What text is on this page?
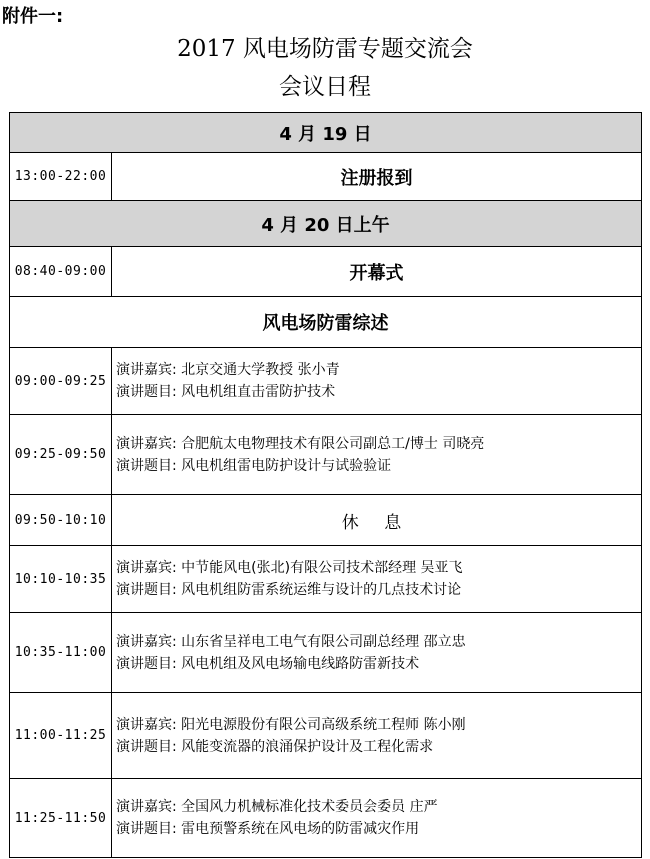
附件一:
2017 风电场防雷专题交流会
会议日程
4 月 19 日	
13:00-22:00	注册报到
4 月 20 日上午	
08:40-09:00	开幕式
风电场防雷综述	
09:00-09:25	演讲嘉宾: 北京交通大学教授 张小青
演讲题目: 风电机组直击雷防护技术

09:25-09:50	演讲嘉宾: 合肥航太电物理技术有限公司副总工/博士 司晓亮
演讲题目: 风电机组雷电防护设计与试验验证

09:50-10:10	休 息
10:10-10:35	演讲嘉宾: 中节能风电(张北)有限公司技术部经理 吴亚飞
演讲题目: 风电机组防雷系统运维与设计的几点技术讨论

10:35-11:00	演讲嘉宾: 山东省呈祥电工电气有限公司副总经理 邵立忠
演讲题目: 风电机组及风电场输电线路防雷新技术

11:00-11:25	演讲嘉宾: 阳光电源股份有限公司高级系统工程师 陈小刚
演讲题目: 风能变流器的浪涌保护设计及工程化需求

11:25-11:50	演讲嘉宾: 全国风力机械标准化技术委员会委员 庄严
演讲题目: 雷电预警系统在风电场的防雷减灾作用
